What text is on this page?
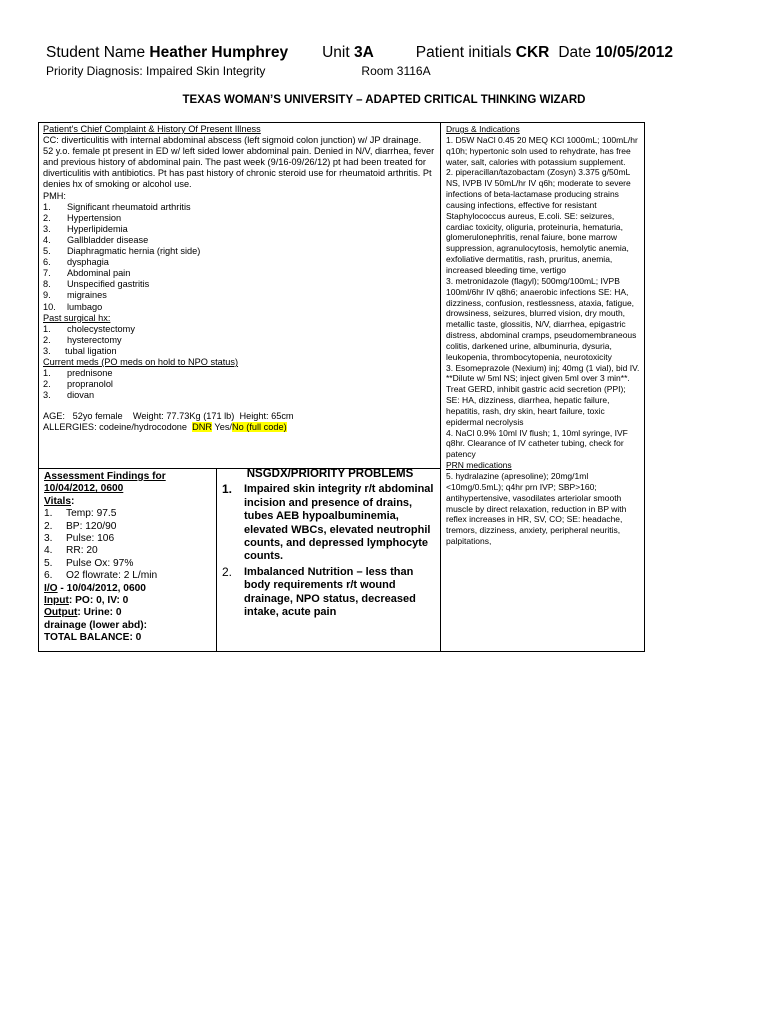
Student Name Heather Humphrey Unit 3A	Patient initials CKR Date 10/05/2012
Priority Diagnosis: Impaired Skin Integrity	Room 3116A
TEXAS WOMAN’S UNIVERSITY – ADAPTED CRITICAL THINKING WIZARD

Patient's Chief Complaint & History Of Present Illness

CC: diverticulitis with internal abdominal abscess (left sigmoid colon junction) w/ JP drainage.

52 y.o. female pt present in ED w/ left sided lower abdominal pain. Denied in N/V, diarrhea, fever and previous history of abdominal pain. The past week (9/16-09/26/12) pt had been treated for diverticulitis with antibiotics. Pt has past history of chronic steroid use for rheumatoid arthritis. Pt denies hx of smoking or alcohol use.

PMH:

1. Significant rheumatoid arthritis
2. Hypertension
3. Hyperlipidemia
4. Gallbladder disease
5. Diaphragmatic hernia (right side)
6. dysphagia
7. Abdominal pain
8. Unspecified gastritis
9. migraines
10. lumbago

Past surgical hx:

1. cholecystectomy
2. hysterectomy
3. tubal ligation

Current meds (PO meds on hold to NPO status)

1. prednisone
2. propranolol
3. diovan

AGE:   52yo female    Weight: 77.73Kg (171 lb)  Height: 65cm

ALLERGIES: codeine/hydrocodone  DNR Yes/No (full code)

Drugs & Indications

1. D5W NaCl 0.45 20 MEQ KCl 1000mL; 100mL/hr q10h; hypertonic soln used to rehydrate, has free water, salt, calories with potassium supplement.

2. piperacillan/tazobactam (Zosyn) 3.375 g/50mL NS, IVPB IV 50mL/hr IV q6h; moderate to severe infections of beta-lactamase producing strains causing infections, effective for resistant Staphylococcus aureus, E.coli. SE: seizures, cardiac toxicity, oliguria, proteinuria, hematuria, glomerulonephritis, renal faiure, bone marrow suppression, agranulocytosis, hemolytic anemia, exfoliative dermatitis, rash, pruritus, anemia, increased bleeding time, vertigo

3. metronidazole (flagyl); 500mg/100mL; IVPB 100ml/6hr IV q8h6; anaerobic infections SE: HA, dizziness, confusion, restlessness, ataxia, fatigue, drowsiness, seizures, blurred vision, dry mouth, metallic taste, glossitis, N/V, diarrhea, epigastric distress, abdominal cramps, pseudomembraneous colitis, darkened urine, albuminuria, dysuria, leukopenia, thrombocytopenia, neurotoxicity

3. Esomeprazole (Nexium) inj; 40mg (1 vial), bid IV. **Dilute w/ 5ml NS; inject given 5ml over 3 min**. Treat GERD, inhibit gastric acid secretion (PPI); SE: HA, dizziness, diarrhea, hepatic failure, hepatitis, rash, dry skin, heart failure, toxic epidermal necrolysis

4. NaCl 0.9% 10ml IV flush; 1, 10ml syringe, IVF q8hr. Clearance of IV catheter tubing, check for patency

PRN medications

5. hydralazine (apresoline); 20mg/1ml <10mg/0.5mL); q4hr prn IVP; SBP>160; antihypertensive, vasodilates arteriolar smooth muscle by direct relaxation, reduction in BP with reflex increases in HR, SV, CO; SE: headache, tremors, dizziness, anxiety, peripheral neuritis, palpitations,

Assessment Findings for 10/04/2012, 0600
Vitals:
1. Temp: 97.5
2. BP: 120/90
3. Pulse: 106
4. RR: 20
5. Pulse Ox: 97%
6. O2 flowrate: 2 L/min
I/O - 10/04/2012, 0600
Input: PO: 0, IV: 0
Output: Urine: 0
drainage (lower abd):
TOTAL BALANCE: 0
NSGDX/PRIORITY PROBLEMS
1.	Impaired skin integrity r/t abdominal incision and presence of drains, tubes AEB hypoalbuminemia, elevated WBCs, elevated neutrophil counts, and depressed lymphocyte counts.
2.	Imbalanced Nutrition – less than body requirements r/t wound drainage, NPO status, decreased intake, acute pain
